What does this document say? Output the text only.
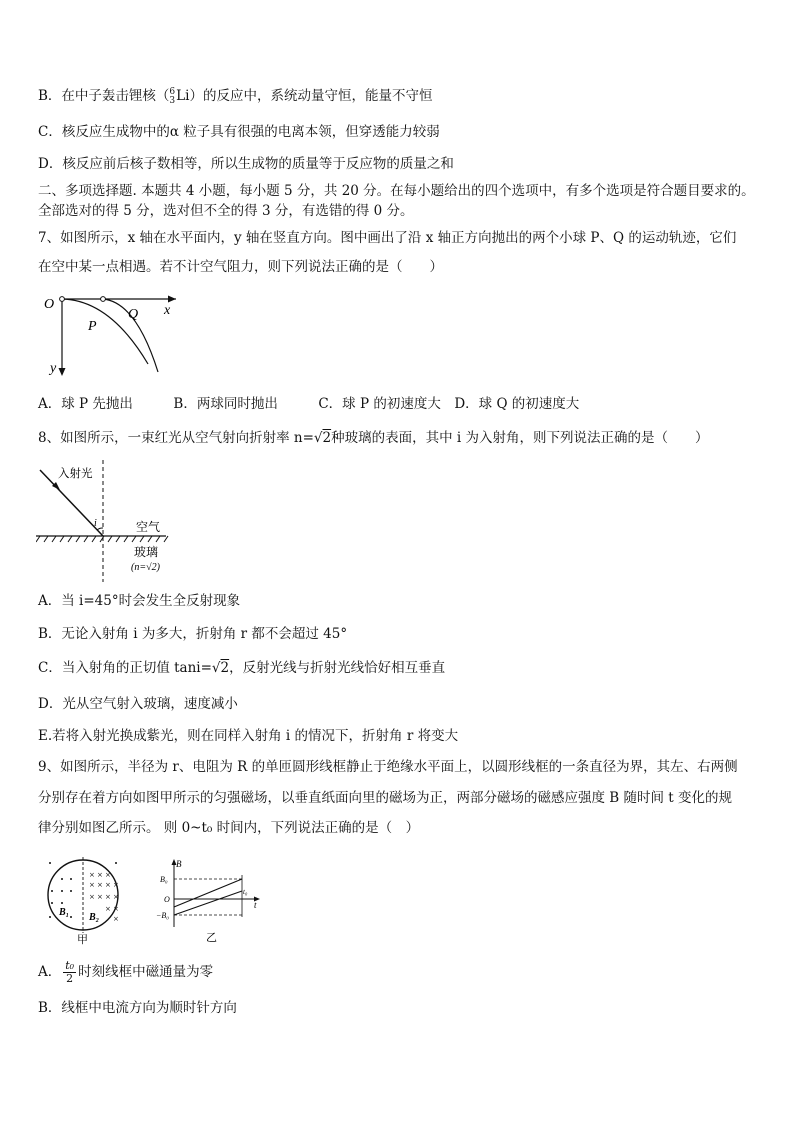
B．在中子轰击锂核（ 6
3 Li）的反应中，系统动量守恒，能量不守恒
C．核反应生成物中的α 粒子具有很强的电离本领，但穿透能力较弱
D．核反应前后核子数相等，所以生成物的质量等于反应物的质量之和
二、多项选择题. 本题共 4 小题，每小题 5 分，共 20 分。在每小题给出的四个选项中，有多个选项是符合题目要求的。
全部选对的得 5 分，选对但不全的得 3 分，有选错的得 0 分。
7、如图所示，x 轴在水平面内，y 轴在竖直方向。图中画出了沿 x 轴正方向抛出的两个小球 P、Q 的运动轨迹，它们
在空中某一点相遇。若不计空气阻力，则下列说法正确的是（　　）
O	x
y
P
Q
A．球 P 先抛出　　　B．两球同时抛出　　　C．球 P 的初速度大　D．球 Q 的初速度大
8、如图所示，一束红光从空气射向折射率 n=√2种玻璃的表面，其中 i 为入射角，则下列说法正确的是（　　）
入射光
i	空气
玻璃
(n=√2)
A．当 i=45°时会发生全反射现象
B．无论入射角 i 为多大，折射角 r 都不会超过 45°
C．当入射角的正切值 tani=√2，反射光线与折射光线恰好相互垂直
D．光从空气射入玻璃，速度减小
E.若将入射光换成紫光，则在同样入射角 i 的情况下，折射角 r 将变大
9、如图所示，半径为 r、电阻为 R 的单匝圆形线框静止于绝缘水平面上，以圆形线框的一条直径为界，其左、右两侧
分别存在着方向如图甲所示的匀强磁场，以垂直纸面向里的磁场为正，两部分磁场的磁感应强度 B 随时间 t 变化的规
律分别如图乙所示。 则 0~t₀ 时间内，下列说法正确的是（　）
× × ×
× × × ×
× × × ×
× ×
×
B₁ B₂
甲
B
B₀
O
−B₀
t₀
t
乙
A． $\frac{\text{t₀}}{2}$ 时刻线框中磁通量为零
B．线框中电流方向为顺时针方向
